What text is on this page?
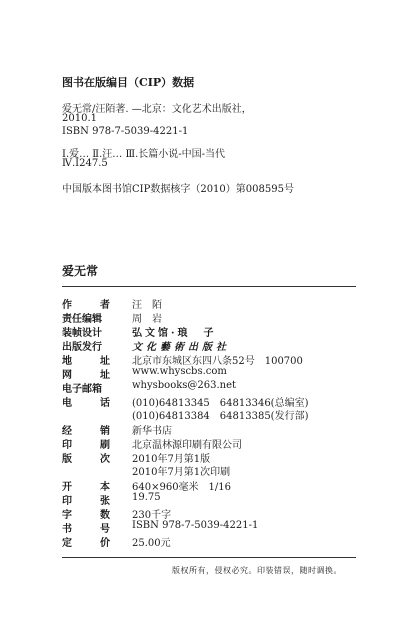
图书在版编目（CIP）数据
爱无常/汪陌著. —北京：文化艺术出版社，
2010.1
ISBN 978-7-5039-4221-1
Ⅰ.爱… Ⅱ.汪… Ⅲ.长篇小说-中国-当代
Ⅳ.I247.5
中国版本图书馆CIP数据核字（2010）第008595号
爱无常
作	者 汪　陌
责任编辑	周　岩
装帧设计	弘文馆·琅　子
出版发行	文化藝術出版社
地	址 北京市东城区东四八条52号　100700
网	址 www.whyscbs.com
电子邮箱	whysbooks@263.net
电	话 (010)64813345　64813346(总编室)
(010)64813384　64813385(发行部)
经	销 新华书店
印	刷 北京温林源印刷有限公司
版	次 2010年7月第1版
2010年7月第1次印刷
开	本 640×960毫米　1/16
印	张 19.75
字	数 230千字
书	号 ISBN 978-7-5039-4221-1
定	价 25.00元
版权所有，侵权必究。印装错误，随时调换。
